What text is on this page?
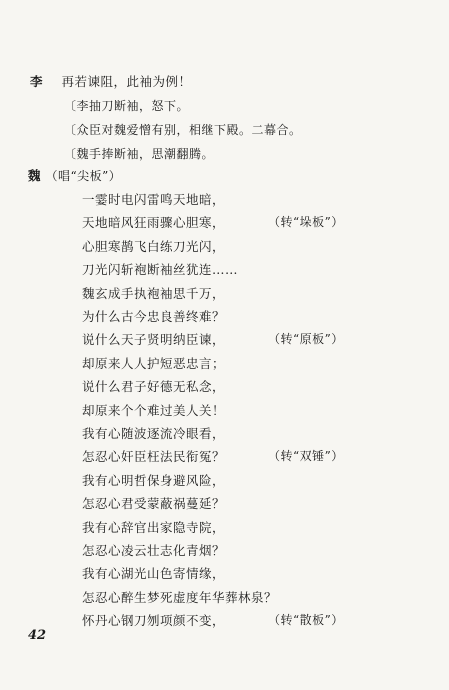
李 再若谏阻，此袖为例！
〔李抽刀断袖，怒下。
〔众臣对魏爱憎有别，相继下殿。二幕合。
〔魏手捧断袖，思潮翻腾。
魏 （唱“尖板”）
一霎时电闪雷鸣天地暗，
天地暗风狂雨骤心胆寒，	（转“垛板”）
心胆寒鹊飞白练刀光闪，
刀光闪斩袍断袖丝犹连……
魏玄成手执袍袖思千万，
为什么古今忠良善终难？
说什么天子贤明纳臣谏，	（转“原板”）
却原来人人护短恶忠言；
说什么君子好德无私念，
却原来个个难过美人关！
我有心随波逐流冷眼看，
怎忍心奸臣枉法民衔冤？	（转“双锤”）
我有心明哲保身避风险，
怎忍心君受蒙蔽祸蔓延？
我有心辞官出家隐寺院，
怎忍心凌云壮志化青烟？
我有心湖光山色寄情缘，
怎忍心醉生梦死虚度年华葬林泉？
怀丹心钢刀刎项颜不变，	（转“散板”）
42
